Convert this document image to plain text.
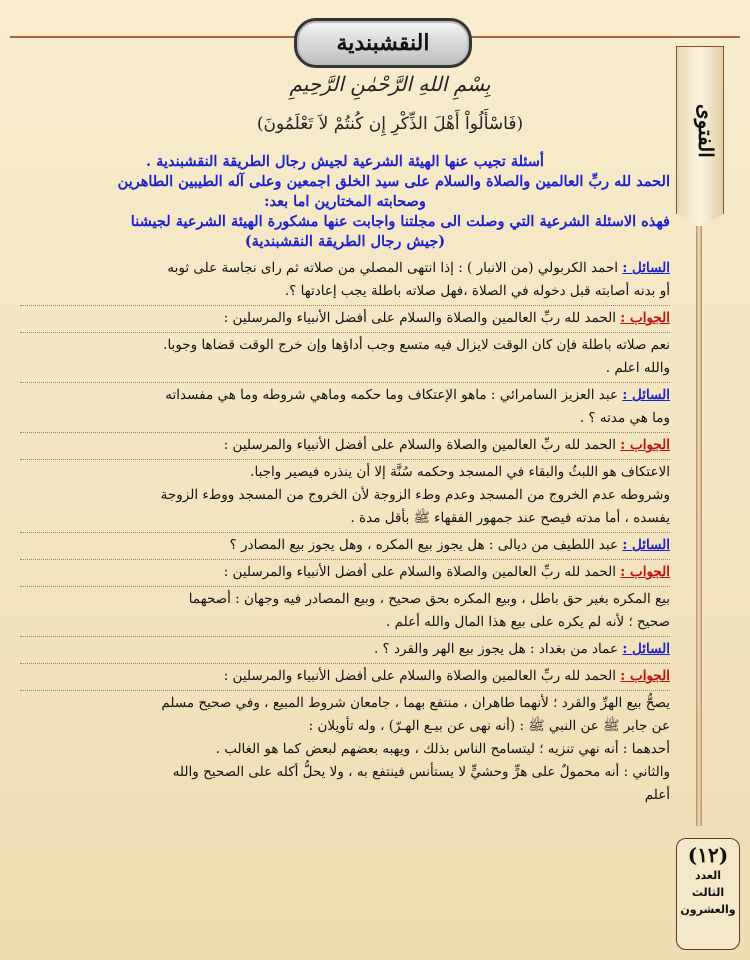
النقشبندية
بِسْمِ اللهِ الرَّحْمٰنِ الرَّحِيمِ
(فَاسْأَلُواْ أَهْلَ الذِّكْرِ إِن كُنتُمْ لاَ تَعْلَمُونَ)	الفتوى
(١٢)
العدد
الثالث
والعشرون

أسئلة تجيب عنها الهيئة الشرعية لجيش رجال الطريقة النقشبندية .

الحمد لله ربِّ العالمين والصلاة والسلام على سيد الخلق اجمعين وعلى آله الطيبين الطاهرين

وصحابته المختارين اما بعد:

فهذه الاسئلة الشرعية التي وصلت الى مجلتنا واجابت عنها مشكورة الهيئة الشرعية لجيشنا

(جيش رجال الطريقة النقشبندية)

السائل : احمد الكربولي (من الانبار ) : إذا انتهى المصلي من صلاته ثم راى نجاسة على ثوبه

أو بدنه أصابته قبل دخوله في الصلاة ،فهل صلاته باطلة يجب إعادتها ؟.

الجواب : الحمد لله ربِّ العالمين والصلاة والسلام على أفضل الأنبياء والمرسلين :

نعم صلاته باطلة فإن كان الوقت لايزال فيه متسع وجب أداؤها وإن خرج الوقت قضاها وجوبا.

والله اعلم .

السائل : عبد العزيز السامرائي : ماهو الإعتكاف وما حكمه وماهي شروطه وما هي مفسداته

وما هي مدته ؟ .

الجواب : الحمد لله ربِّ العالمين والصلاة والسلام على أفضل الأنبياء والمرسلين :

الاعتكاف هو اللبثُ والبقاء في المسجد وحكمه سُنَّة إلا أن ينذره فيصير واجبا.

وشروطه عدم الخروج من المسجد وعدم وطء الزوجة لأن الخروج من المسجد ووطء الزوجة

يفسده ، أما مدته فيصح عند جمهور الفقهاء ﷺ بأقل مدة .

السائل : عبد اللطيف من ديالى : هل يجوز بيع المكره ، وهل يجوز بيع المصادر ؟

الجواب : الحمد لله ربِّ العالمين والصلاة والسلام على أفضل الأنبياء والمرسلين :

بيع المكره بغير حق باطل ، وبيع المكره بحق صحيح ، وبيع المصادر فيه وجهان : أصحهما

صحيح ؛ لأنه لم يكره على بيع هذا المال والله أعلم .

السائل : عماد من بغداد : هل يجوز بيع الهر والقرد ؟ .

الجواب : الحمد لله ربِّ العالمين والصلاة والسلام على أفضل الأنبياء والمرسلين :

يصحُّ بيع الهرِّ والقرد ؛ لأنهما طاهران ، منتفع بهما ، جامعان شروط المبيع ، وفي صحيح مسلم

عن جابر ﷺ عن النبي ﷺ : (أنه نهى عن بيـع الهـرّ) ، وله تأويلان :

أحدهما : أنه نهي تنزيه ؛ ليتسامح الناس بذلك ، ويهبه بعضهم لبعض كما هو الغالب .

والثاني : أنه محمولٌ على هرٍّ وحشيٍّ لا يستأنس فينتفع به ، ولا يحلُّ أكله على الصحيح والله

أعلم
